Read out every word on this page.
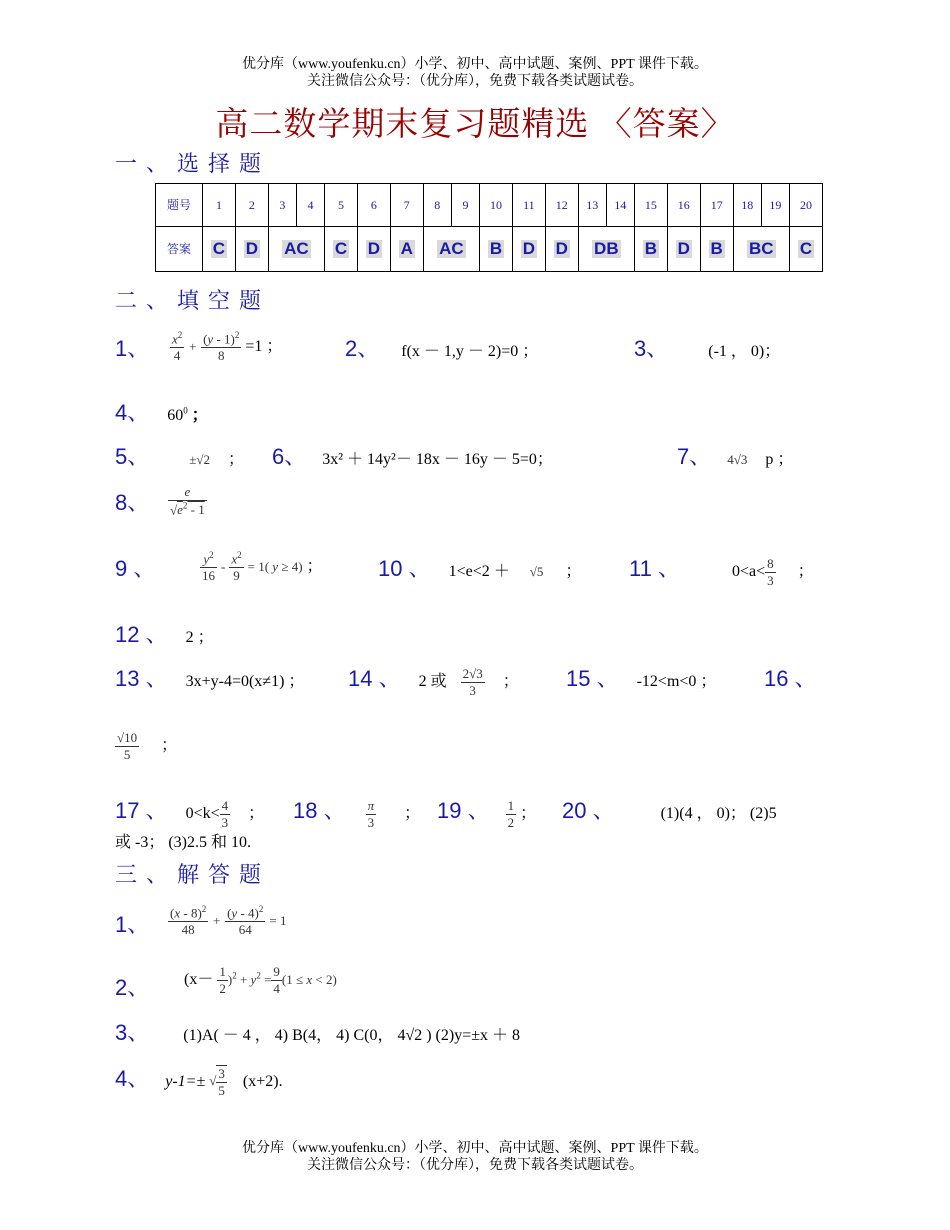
优分库（www.youfenku.cn）小学、初中、高中试题、案例、PPT 课件下载。
关注微信公众号：（优分库），免费下载各类试题试卷。
高二数学期末复习题精选 〈答案〉
一、选择题
题号	1	2	3	4	5	6	7	8	9	10	11	12	13	14	15	16	17	18	19	20
答案	C	D	AC		C	D	A	AC		B	D	D	DB		B	D	B	BC		C
二、填空题
1、 $\frac{x^2}{4} + \frac{(y - 1)^2}{8} =1$ ；	2、 f(x － 1,y － 2)=0 ；	3、	(-1 ， 0)；
4、 $60^0$ ；
5、	±√2 ； 6、 3x² ＋ 14y²－ 18x － 16y － 5=0；	7、 4√3 p ；
8、 $\frac{e}{√e^2 - 1}$
9 、	$\frac{y^2}{16} - \frac{x^2}{9} = 1$( y ≥ 4) ；	10 、 1<e<2 ＋ √5 ； 11 、	$0<a< \frac{8}{3}$ ；
12 、 2 ；
13 、 3x+y-4=0(x≠1) ； 14 、 2 或 $\frac{2√3}{3}$ ； 15 、 -12<m<0 ； 16 、
$\frac{√10}{5}$ ；
17 、 $0<k< \frac{4}{3}$ ； 18 、 $\frac{\pi}{3}$ ； 19 、 $\frac{1}{2}$ ； 20 、	(1)(4 ， 0)； (2)5
或 -3； (3)2.5 和 10.
三、解答题
1、 $\frac{(x - 8)^2}{48} + \frac{(y - 4)^2}{64} = 1$
2、 $(x- \frac{1}{2} )^2 + y^2 = \frac{9}{4} (1 \le x < 2)$
3、 (1)A( － 4 ， 4) B(4， 4) C(0， 4√2 ) (2)y=±x ＋ 8
4、 y-1=± √ $\frac{3}{5} (x+2)$.
优分库（www.youfenku.cn）小学、初中、高中试题、案例、PPT 课件下载。
关注微信公众号：（优分库），免费下载各类试题试卷。
